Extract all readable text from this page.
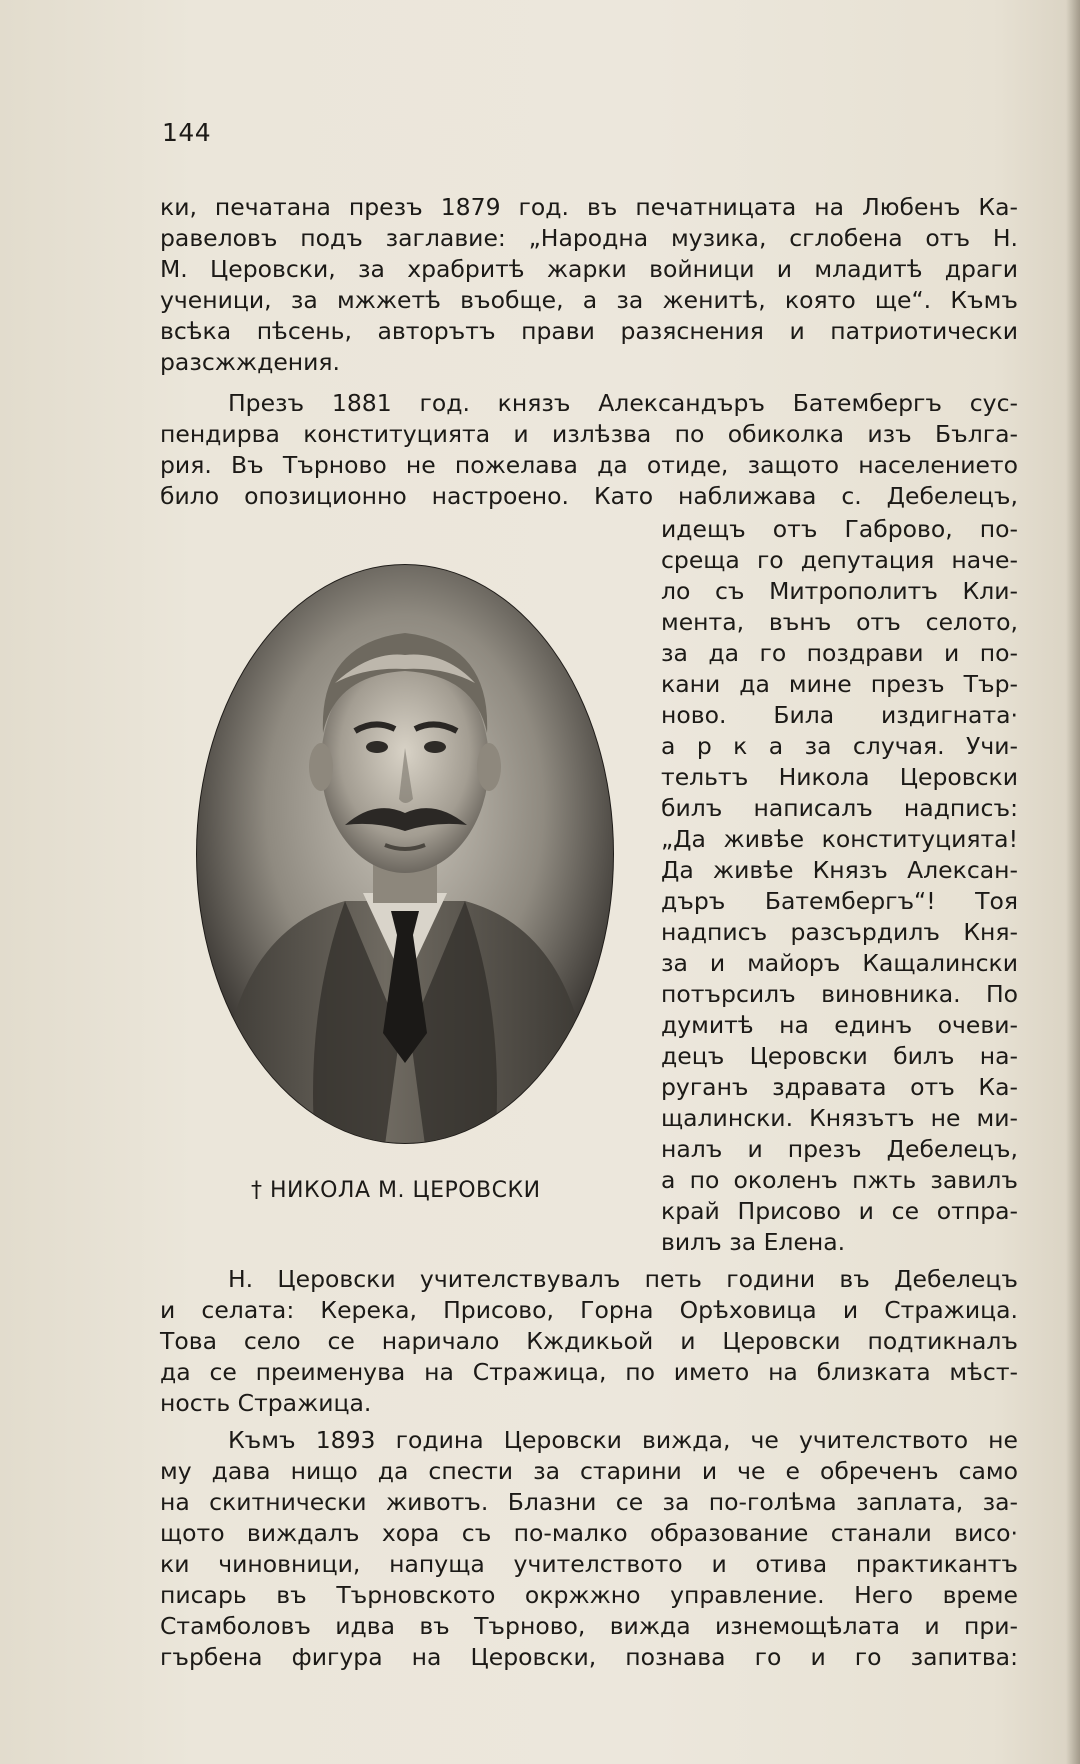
144
ки, печатана презъ 1879 год. въ печатницата на Любенъ Ка-
равеловъ подъ заглавие: „Народна музика, сглобена отъ Н.
М. Церовски, за храбритѣ жарки войници и младитѣ драги
ученици, за мжжетѣ въобще, а за женитѣ, която ще“. Къмъ
всѣка пѣсень, авторътъ прави разяснения и патриотически
разсжждения.
Презъ 1881 год. князъ Александъръ Батембергъ сус-
пендирва конституцията и излѣзва по обиколка изъ Бълга-
рия. Въ Търново не пожелава да отиде, защото населението
било опозиционно настроено. Като наближава с. Дебелецъ,
идещъ отъ Габрово, по-
среща го депутация наче-
ло съ Митрополитъ Кли-
мента, вънъ отъ селото,
за да го поздрави и по-
кани да мине презъ Тър-
ново. Била издигната·
а р к а за случая. Учи-
тельтъ Никола Церовски
билъ написалъ надписъ:
„Да живѣе конституцията!
Да живѣе Князъ Алексан-
дъръ Батембергъ“! Тоя
надписъ разсърдилъ Кня-
за и майоръ Кащалински
потърсилъ виновника. По
думитѣ на единъ очеви-
децъ Церовски билъ на-
руганъ здравата отъ Ка-
щалински. Князътъ не ми-
налъ и презъ Дебелецъ,
а по околенъ пжть завилъ
край Присово и се отпра-
вилъ за Елена.
† НИКОЛА М. ЦЕРОВСКИ
Н. Церовски учителствувалъ петь години въ Дебелецъ
и селата: Керека, Присово, Горна Орѣховица и Стражица.
Това село се наричало Кждикьой и Церовски подтикналъ
да се преименува на Стражица, по името на близката мѣст-
ность Стражица.
Къмъ 1893 година Церовски вижда, че учителството не
му дава нищо да спести за старини и че е обреченъ само
на скитнически животъ. Блазни се за по-голѣма заплата, за-
щото виждалъ хора съ по-малко образование станали висо·
ки чиновници, напуща учителството и отива практикантъ
писарь въ Търновското окржжно управление. Него време
Стамболовъ идва въ Търново, вижда изнемощѣлата и при-
гърбена фигура на Церовски, познава го и го запитва:
